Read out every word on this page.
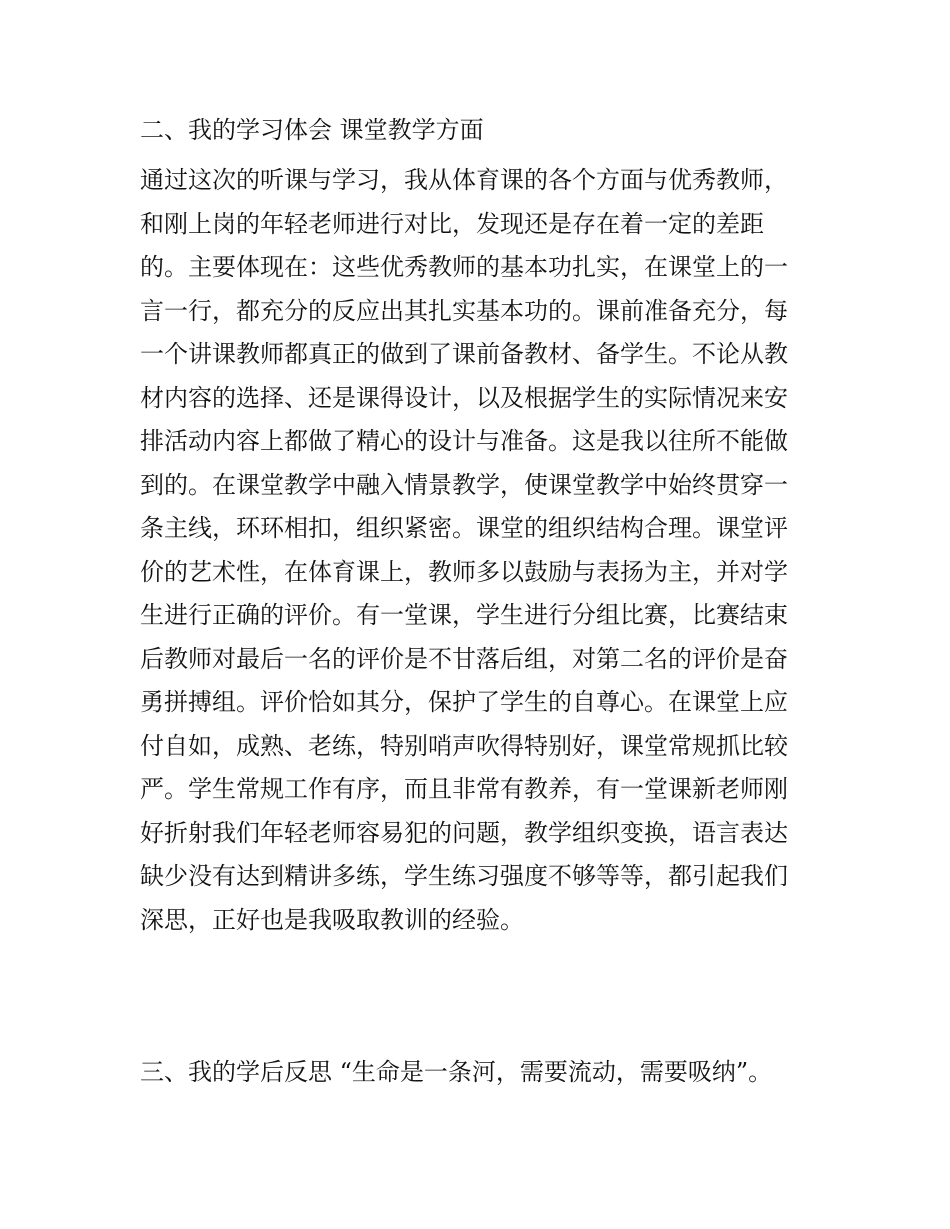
二、我的学习体会 课堂教学方面
通过这次的听课与学习，我从体育课的各个方面与优秀教师，
和刚上岗的年轻老师进行对比，发现还是存在着一定的差距
的。主要体现在：这些优秀教师的基本功扎实，在课堂上的一
言一行，都充分的反应出其扎实基本功的。课前准备充分，每
一个讲课教师都真正的做到了课前备教材、备学生。不论从教
材内容的选择、还是课得设计，以及根据学生的实际情况来安
排活动内容上都做了精心的设计与准备。这是我以往所不能做
到的。在课堂教学中融入情景教学，使课堂教学中始终贯穿一
条主线，环环相扣，组织紧密。课堂的组织结构合理。课堂评
价的艺术性，在体育课上，教师多以鼓励与表扬为主，并对学
生进行正确的评价。有一堂课，学生进行分组比赛，比赛结束
后教师对最后一名的评价是不甘落后组，对第二名的评价是奋
勇拼搏组。评价恰如其分，保护了学生的自尊心。在课堂上应
付自如，成熟、老练，特别哨声吹得特别好，课堂常规抓比较
严。学生常规工作有序，而且非常有教养，有一堂课新老师刚
好折射我们年轻老师容易犯的问题，教学组织变换，语言表达
缺少没有达到精讲多练，学生练习强度不够等等，都引起我们
深思，正好也是我吸取教训的经验。
三、我的学后反思 “生命是一条河，需要流动，需要吸纳”。
